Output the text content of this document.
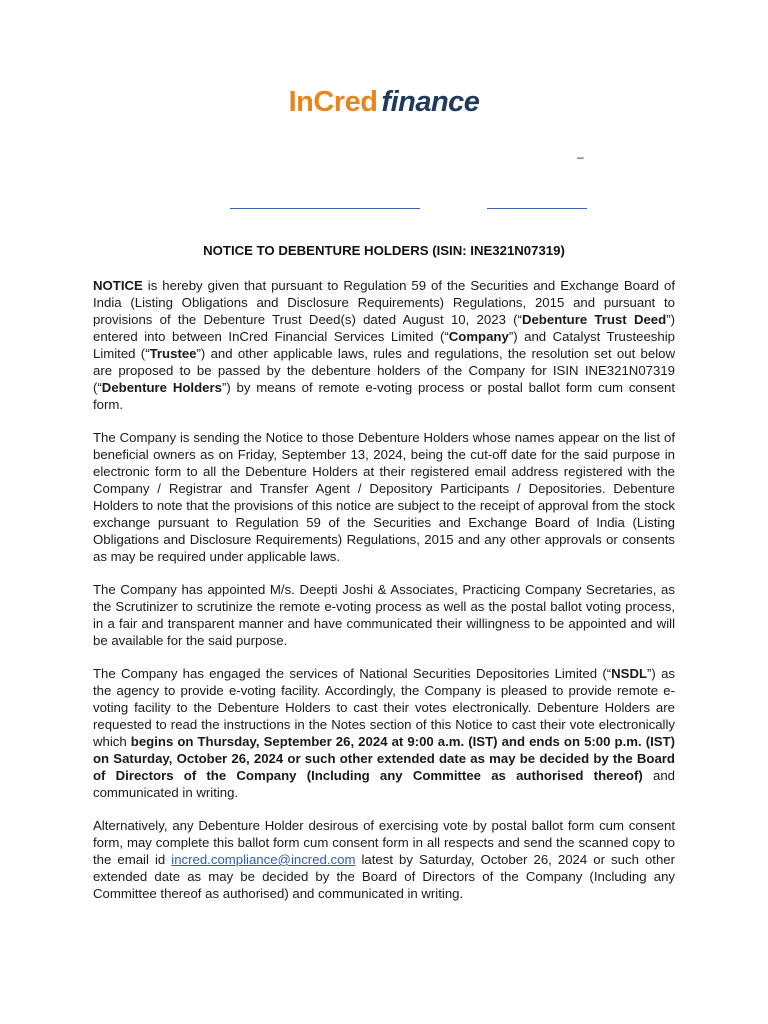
InCred finance
–
NOTICE TO DEBENTURE HOLDERS (ISIN: INE321N07319)

NOTICE is hereby given that pursuant to Regulation 59 of the Securities and Exchange Board of India (Listing Obligations and Disclosure Requirements) Regulations, 2015 and pursuant to provisions of the Debenture Trust Deed(s) dated August 10, 2023 (“Debenture Trust Deed”) entered into between InCred Financial Services Limited (“Company”) and Catalyst Trusteeship Limited (“Trustee”) and other applicable laws, rules and regulations, the resolution set out below are proposed to be passed by the debenture holders of the Company for ISIN INE321N07319 (“Debenture Holders”) by means of remote e-voting process or postal ballot form cum consent form.

The Company is sending the Notice to those Debenture Holders whose names appear on the list of beneficial owners as on Friday, September 13, 2024, being the cut-off date for the said purpose in electronic form to all the Debenture Holders at their registered email address registered with the Company / Registrar and Transfer Agent / Depository Participants / Depositories. Debenture Holders to note that the provisions of this notice are subject to the receipt of approval from the stock exchange pursuant to Regulation 59 of the Securities and Exchange Board of India (Listing Obligations and Disclosure Requirements) Regulations, 2015 and any other approvals or consents as may be required under applicable laws.

The Company has appointed M/s. Deepti Joshi & Associates, Practicing Company Secretaries, as the Scrutinizer to scrutinize the remote e-voting process as well as the postal ballot voting process, in a fair and transparent manner and have communicated their willingness to be appointed and will be available for the said purpose.

The Company has engaged the services of National Securities Depositories Limited (“NSDL”) as the agency to provide e-voting facility. Accordingly, the Company is pleased to provide remote e-voting facility to the Debenture Holders to cast their votes electronically. Debenture Holders are requested to read the instructions in the Notes section of this Notice to cast their vote electronically which begins on Thursday, September 26, 2024 at 9:00 a.m. (IST) and ends on 5:00 p.m. (IST) on Saturday, October 26, 2024 or such other extended date as may be decided by the Board of Directors of the Company (Including any Committee as authorised thereof) and communicated in writing.

Alternatively, any Debenture Holder desirous of exercising vote by postal ballot form cum consent form, may complete this ballot form cum consent form in all respects and send the scanned copy to the email id incred.compliance@incred.com latest by Saturday, October 26, 2024 or such other extended date as may be decided by the Board of Directors of the Company (Including any Committee thereof as authorised) and communicated in writing.
